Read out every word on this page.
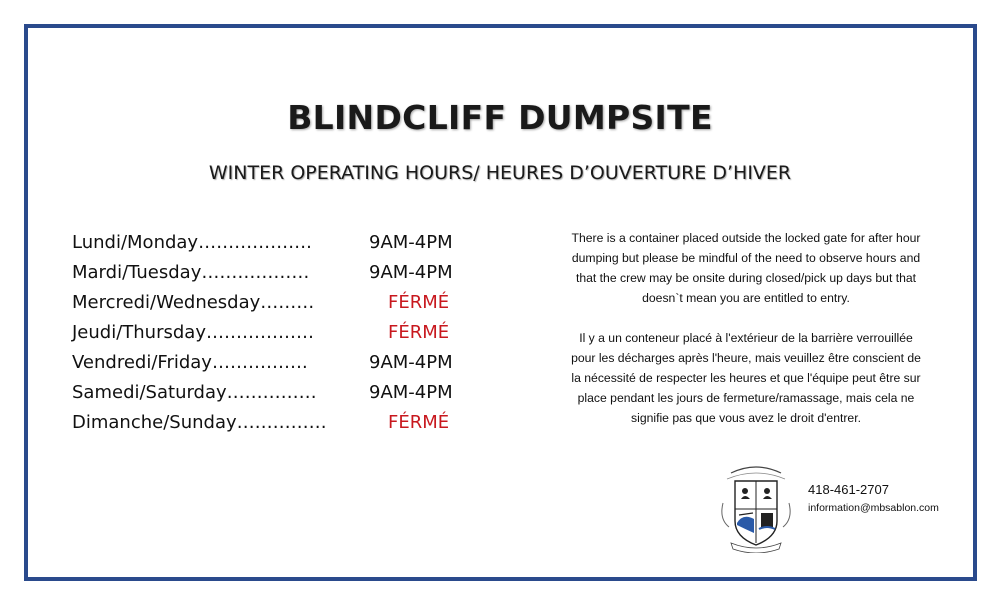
BLINDCLIFF DUMPSITE
WINTER OPERATING HOURS/ HEURES D’OUVERTURE D’HIVER
Lundi/Monday……………….	9AM-4PM
Mardi/Tuesday………………	9AM-4PM
Mercredi/Wednesday………	FÉRMÉ
Jeudi/Thursday………………	FÉRMÉ
Vendredi/Friday…………….	9AM-4PM
Samedi/Saturday……………	9AM-4PM
Dimanche/Sunday……………	FÉRMÉ

There is a container placed outside the locked gate for after hour dumping but please be mindful of the need to observe hours and that the crew may be onsite during closed/pick up days but that doesn`t mean you are entitled to entry.

Il y a un conteneur placé à l'extérieur de la barrière verrouillée pour les décharges après l'heure, mais veuillez être conscient de la nécessité de respecter les heures et que l'équipe peut être sur place pendant les jours de fermeture/ramassage, mais cela ne signifie pas que vous avez le droit d'entrer.

418-461-2707
information@mbsablon.com
